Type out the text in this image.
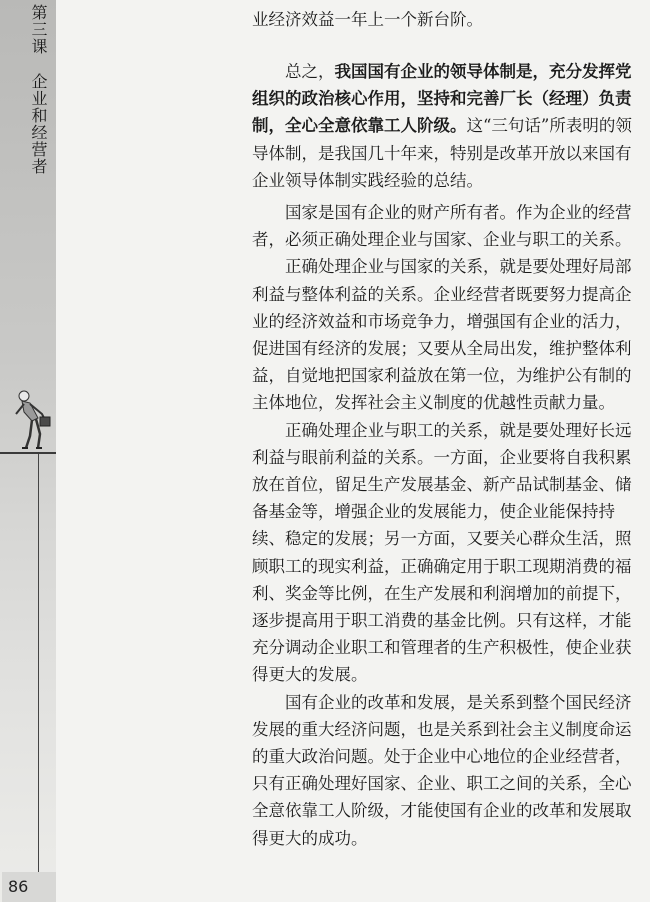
第三课企业和经营者
86
业经济效益一年上一个新台阶。

总之，我国国有企业的领导体制是，充分发挥党组织的政治核心作用，坚持和完善厂长（经理）负责制，全心全意依靠工人阶级。这“三句话”所表明的领导体制，是我国几十年来，特别是改革开放以来国有企业领导体制实践经验的总结。

国家是国有企业的财产所有者。作为企业的经营者，必须正确处理企业与国家、企业与职工的关系。

正确处理企业与国家的关系，就是要处理好局部利益与整体利益的关系。企业经营者既要努力提高企业的经济效益和市场竞争力，增强国有企业的活力，促进国有经济的发展；又要从全局出发，维护整体利益，自觉地把国家利益放在第一位，为维护公有制的主体地位，发挥社会主义制度的优越性贡献力量。

正确处理企业与职工的关系，就是要处理好长远利益与眼前利益的关系。一方面，企业要将自我积累放在首位，留足生产发展基金、新产品试制基金、储备基金等，增强企业的发展能力，使企业能保持持续、稳定的发展；另一方面，又要关心群众生活，照顾职工的现实利益，正确确定用于职工现期消费的福利、奖金等比例，在生产发展和利润增加的前提下，逐步提高用于职工消费的基金比例。只有这样，才能充分调动企业职工和管理者的生产积极性，使企业获得更大的发展。

国有企业的改革和发展，是关系到整个国民经济发展的重大经济问题，也是关系到社会主义制度命运的重大政治问题。处于企业中心地位的企业经营者，只有正确处理好国家、企业、职工之间的关系，全心全意依靠工人阶级，才能使国有企业的改革和发展取得更大的成功。
